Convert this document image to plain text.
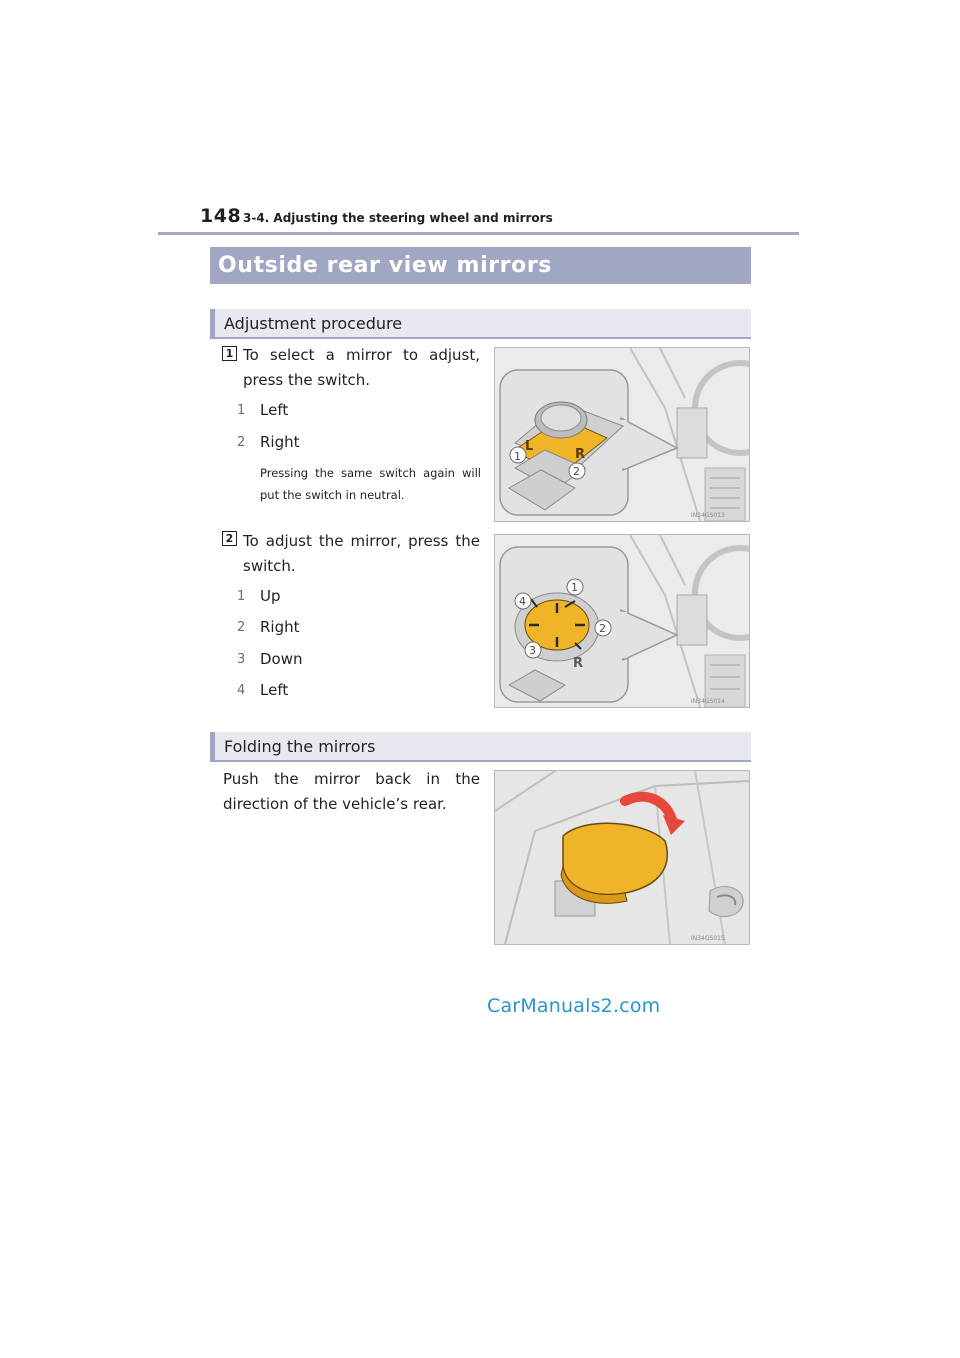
148 3-4. Adjusting the steering wheel and mirrors
Outside rear view mirrors
Adjustment procedure
1 To select a mirror to adjust, press the switch.
1 Left
2 Right
Pressing the same switch again will put the switch in neutral.
L
R
1
2
IN34GS013
2 To adjust the mirror, press the switch.
1 Up
2 Right
3 Down
4 Left
R
1
2
3
4
IN34GS014
Folding the mirrors
Push the mirror back in the direction of the vehicle’s rear.
IN34GS015
CarManuals2.com
